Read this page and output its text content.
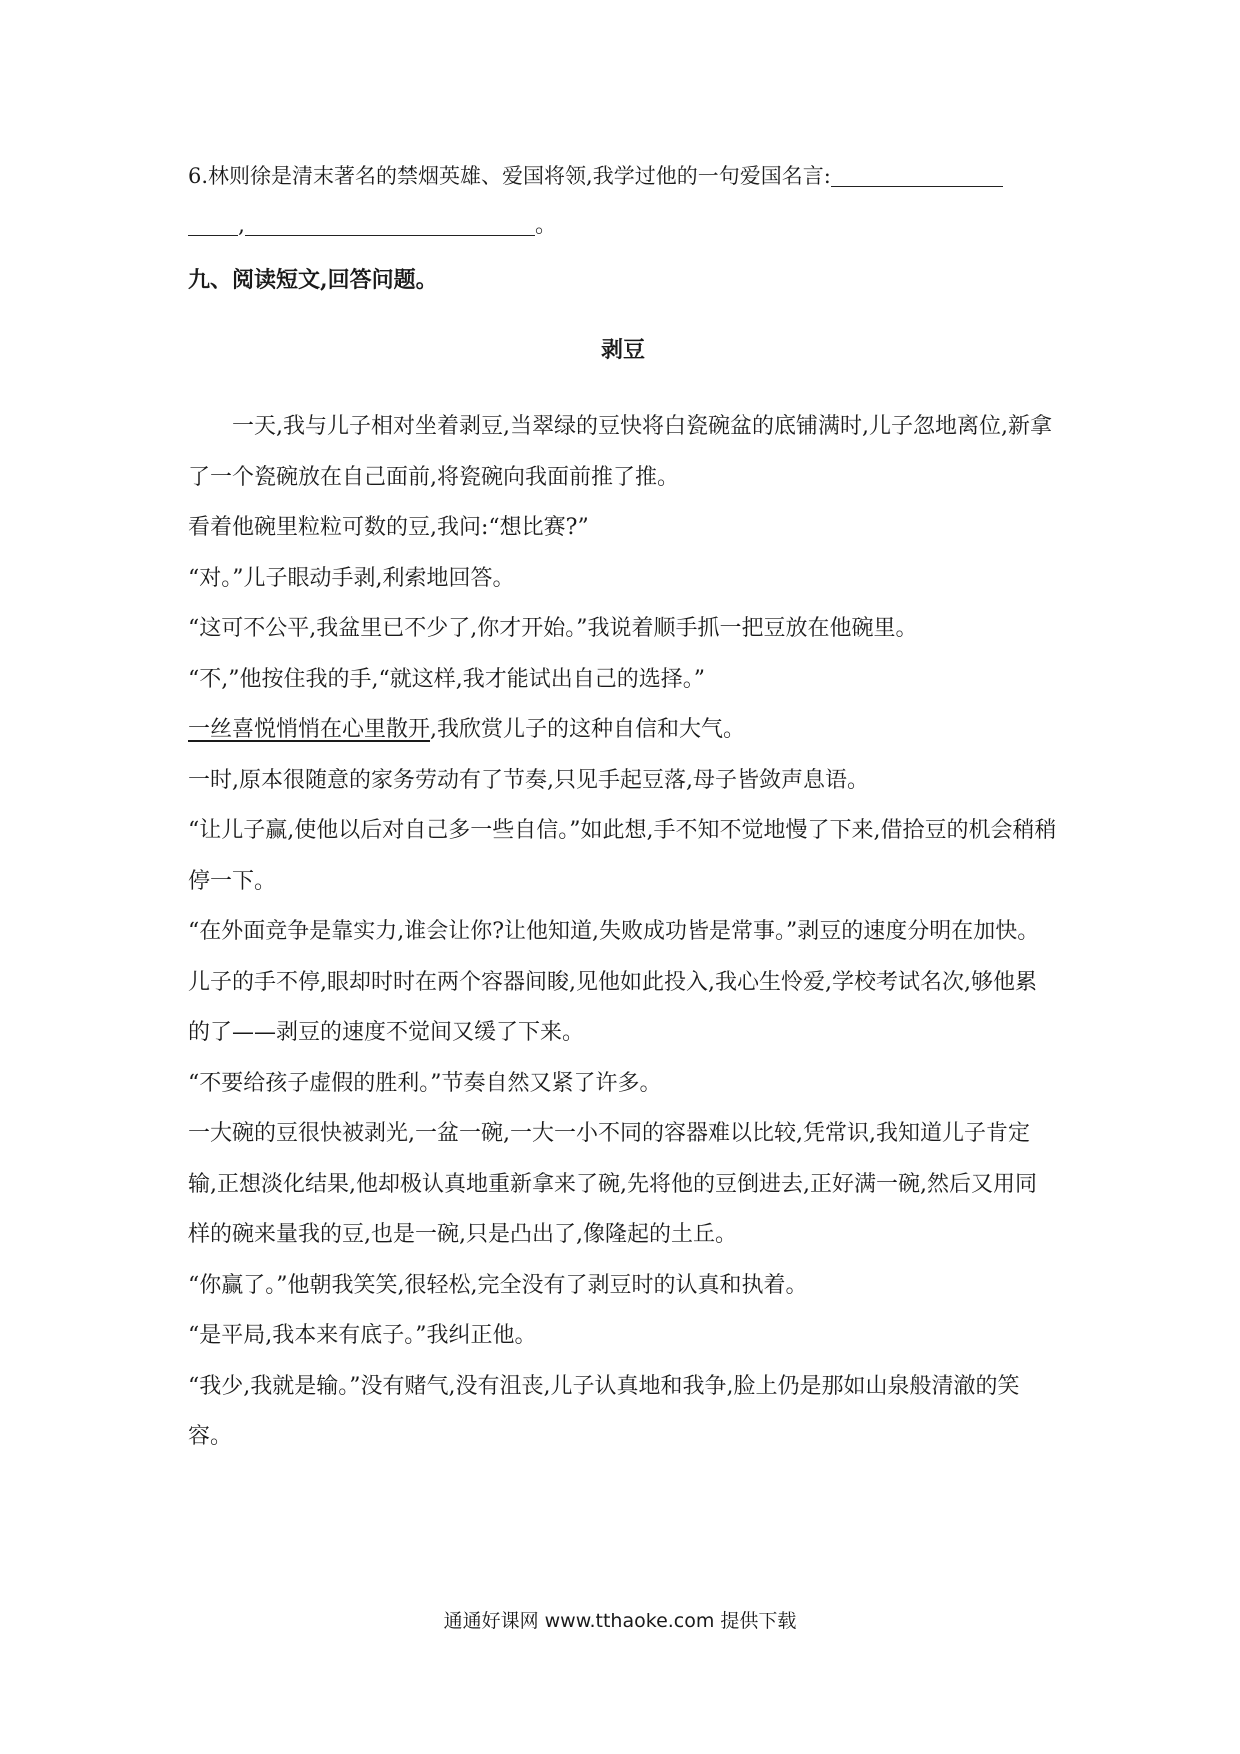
6.林则徐是清末著名的禁烟英雄、爱国将领,我学过他的一句爱国名言:

,	。

九、阅读短文,回答问题。

剥豆

一天,我与儿子相对坐着剥豆,当翠绿的豆快将白瓷碗盆的底铺满时,儿子忽地离位,新拿了一个瓷碗放在自己面前,将瓷碗向我面前推了推。

看着他碗里粒粒可数的豆,我问:“想比赛?”

“对。”儿子眼动手剥,利索地回答。

“这可不公平,我盆里已不少了,你才开始。”我说着顺手抓一把豆放在他碗里。

“不,”他按住我的手,“就这样,我才能试出自己的选择。”

一丝喜悦悄悄在心里散开,我欣赏儿子的这种自信和大气。

一时,原本很随意的家务劳动有了节奏,只见手起豆落,母子皆敛声息语。

“让儿子赢,使他以后对自己多一些自信。”如此想,手不知不觉地慢了下来,借拾豆的机会稍稍停一下。

“在外面竞争是靠实力,谁会让你?让他知道,失败成功皆是常事。”剥豆的速度分明在加快。

儿子的手不停,眼却时时在两个容器间睃,见他如此投入,我心生怜爱,学校考试名次,够他累的了——剥豆的速度不觉间又缓了下来。

“不要给孩子虚假的胜利。”节奏自然又紧了许多。

一大碗的豆很快被剥光,一盆一碗,一大一小不同的容器难以比较,凭常识,我知道儿子肯定输,正想淡化结果,他却极认真地重新拿来了碗,先将他的豆倒进去,正好满一碗,然后又用同样的碗来量我的豆,也是一碗,只是凸出了,像隆起的土丘。

“你赢了。”他朝我笑笑,很轻松,完全没有了剥豆时的认真和执着。

“是平局,我本来有底子。”我纠正他。

“我少,我就是输。”没有赌气,没有沮丧,儿子认真地和我争,脸上仍是那如山泉般清澈的笑容。

通通好课网 www.tthaoke.com 提供下载
